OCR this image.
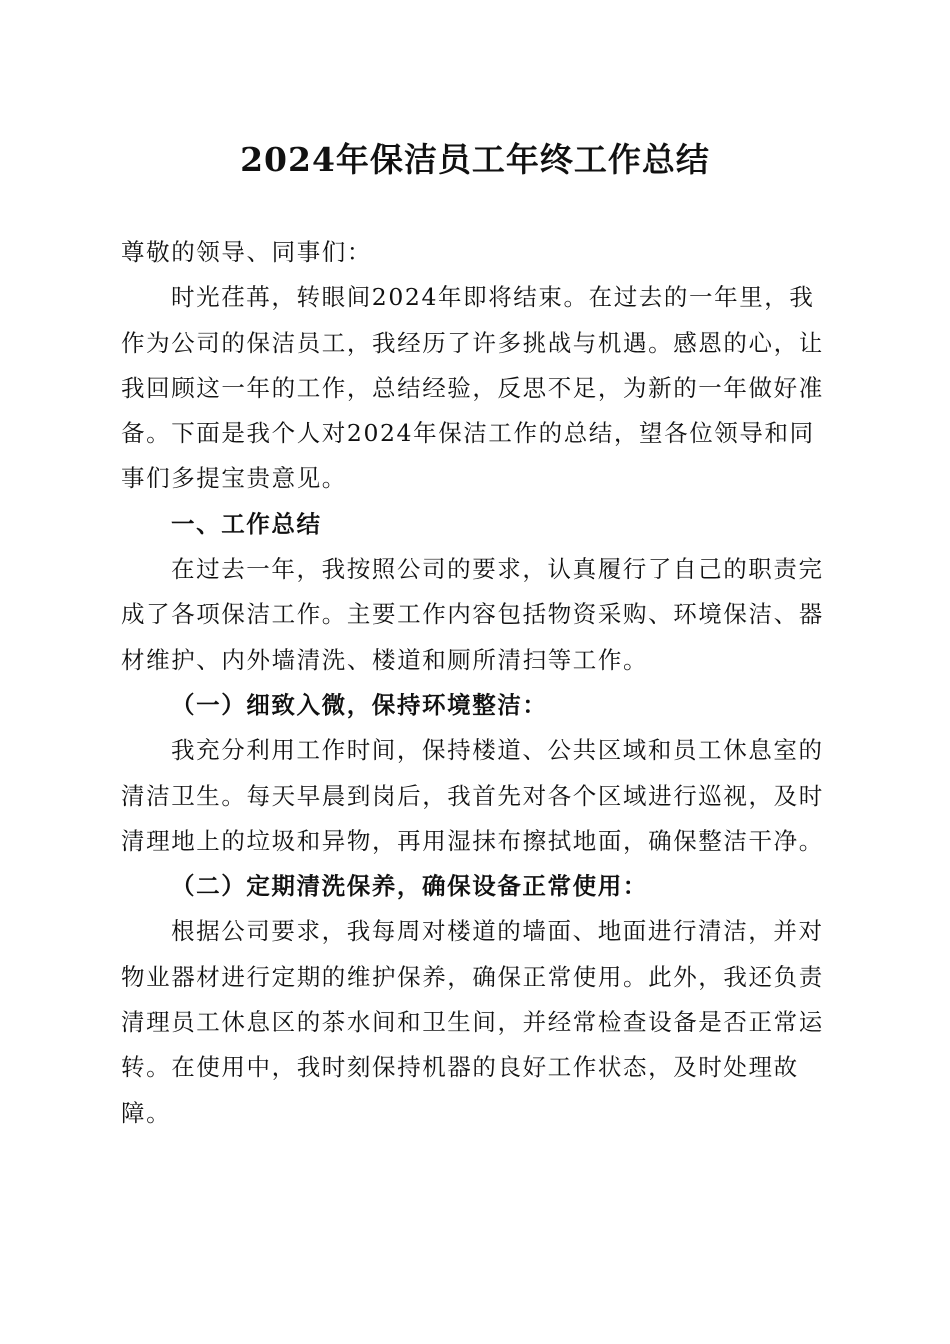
2024年保洁员工年终工作总结

尊敬的领导、同事们：

时光荏苒，转眼间2024年即将结束。在过去的一年里，我作为公司的保洁员工，我经历了许多挑战与机遇。感恩的心，让我回顾这一年的工作，总结经验，反思不足，为新的一年做好准备。下面是我个人对2024年保洁工作的总结，望各位领导和同事们多提宝贵意见。

一、工作总结

在过去一年，我按照公司的要求，认真履行了自己的职责完成了各项保洁工作。主要工作内容包括物资采购、环境保洁、器材维护、内外墙清洗、楼道和厕所清扫等工作。

（一）细致入微，保持环境整洁：

我充分利用工作时间，保持楼道、公共区域和员工休息室的清洁卫生。每天早晨到岗后，我首先对各个区域进行巡视，及时清理地上的垃圾和异物，再用湿抹布擦拭地面，确保整洁干净。

（二）定期清洗保养，确保设备正常使用：

根据公司要求，我每周对楼道的墙面、地面进行清洁，并对物业器材进行定期的维护保养，确保正常使用。此外，我还负责清理员工休息区的茶水间和卫生间，并经常检查设备是否正常运转。在使用中，我时刻保持机器的良好工作状态，及时处理故障。
